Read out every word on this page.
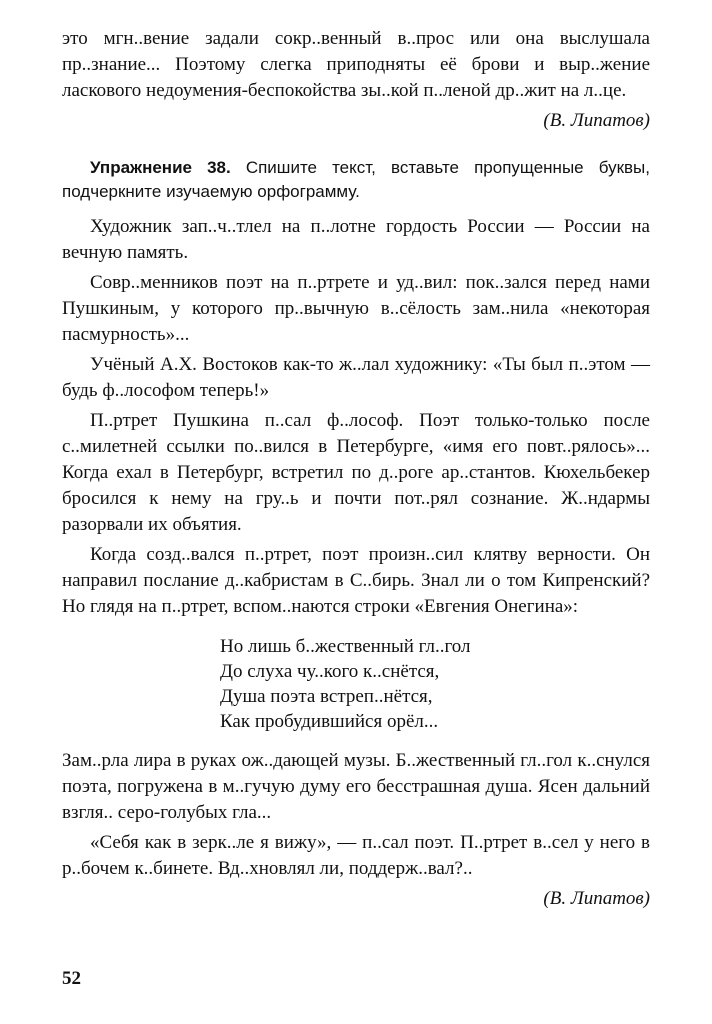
это мгн..вение задали сокр..венный в..прос или она выслушала пр..знание... Поэтому слегка приподняты её брови и выр..жение ласкового недоумения-беспокойства зы..кой п..леной др..жит на л..це.

(В. Липатов)

Упражнение 38. Спишите текст, вставьте пропущенные буквы, подчеркните изучаемую орфограмму.

Художник зап..ч..тлел на п..лотне гордость России — России на вечную память.

Совр..менников поэт на п..ртрете и уд..вил: пок..зался перед нами Пушкиным, у которого пр..вычную в..сёлость зам..нила «некоторая пасмурность»...

Учёный А.Х. Востоков как-то ж..лал художнику: «Ты был п..этом — будь ф..лософом теперь!»

П..ртрет Пушкина п..сал ф..лософ. Поэт только-только после с..милетней ссылки по..вился в Петербурге, «имя его повт..рялось»... Когда ехал в Петербург, встретил по д..роге ар..стантов. Кюхельбекер бросился к нему на гру..ь и почти пот..рял сознание. Ж..ндармы разорвали их объятия.

Когда созд..вался п..ртрет, поэт произн..сил клятву верности. Он направил послание д..кабристам в С..бирь. Знал ли о том Кипренский? Но глядя на п..ртрет, вспом..наются строки «Евгения Онегина»:

Но лишь б..жественный гл..гол
До слуха чу..кого к..снётся,
Душа поэта встреп..нётся,
Как пробудившийся орёл...

Зам..рла лира в руках ож..дающей музы. Б..жественный гл..гол к..снулся поэта, погружена в м..гучую думу его бесстрашная душа. Ясен дальний взгля.. серо-голубых гла...

«Себя как в зерк..ле я вижу», — п..сал поэт. П..ртрет в..сел у него в р..бочем к..бинете. Вд..хновлял ли, поддерж..вал?..

(В. Липатов)

52
